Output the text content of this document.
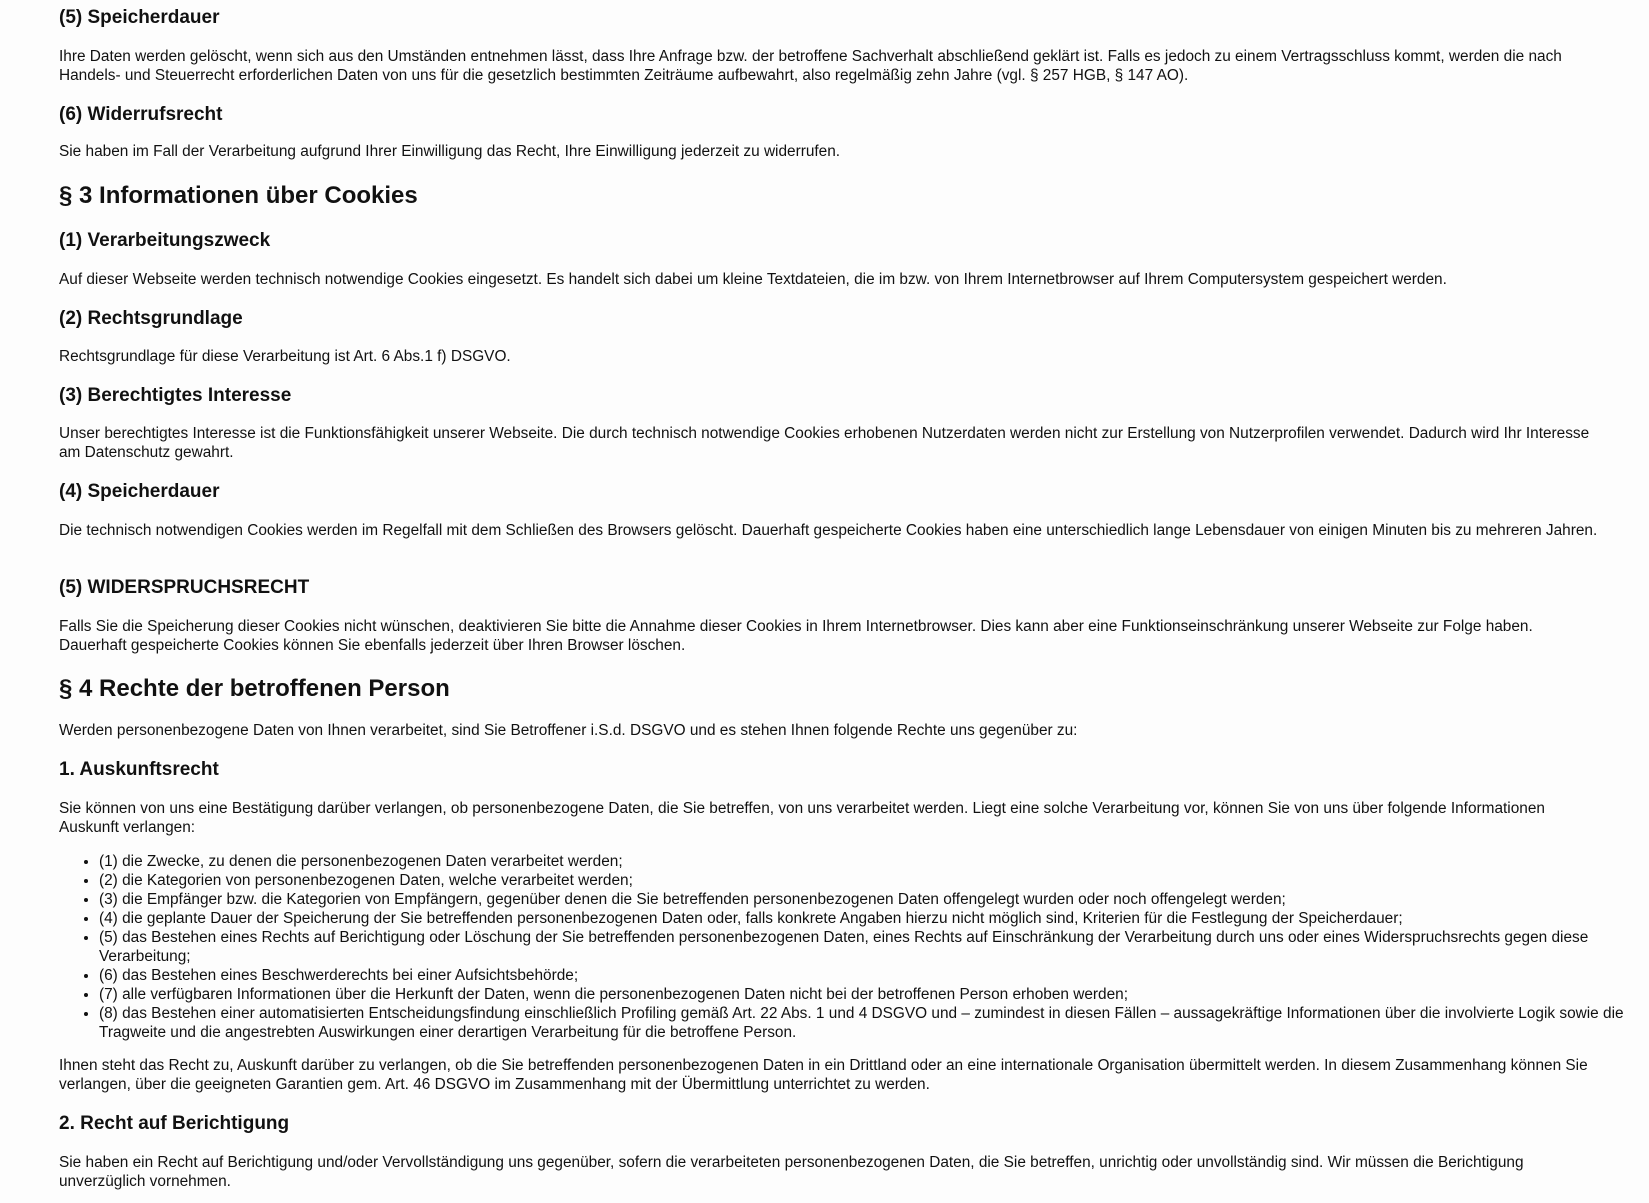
(5) Speicherdauer

Ihre Daten werden gelöscht, wenn sich aus den Umständen entnehmen lässt, dass Ihre Anfrage bzw. der betroffene Sachverhalt abschließend geklärt ist. Falls es jedoch zu einem Vertragsschluss kommt, werden die nach Handels- und Steuerrecht erforderlichen Daten von uns für die gesetzlich bestimmten Zeiträume aufbewahrt, also regelmäßig zehn Jahre (vgl. § 257 HGB, § 147 AO).

(6) Widerrufsrecht

Sie haben im Fall der Verarbeitung aufgrund Ihrer Einwilligung das Recht, Ihre Einwilligung jederzeit zu widerrufen.

§ 3 Informationen über Cookies
(1) Verarbeitungszweck

Auf dieser Webseite werden technisch notwendige Cookies eingesetzt. Es handelt sich dabei um kleine Textdateien, die im bzw. von Ihrem Internetbrowser auf Ihrem Computersystem gespeichert werden.

(2) Rechtsgrundlage

Rechtsgrundlage für diese Verarbeitung ist Art. 6 Abs.1 f) DSGVO.

(3) Berechtigtes Interesse

Unser berechtigtes Interesse ist die Funktionsfähigkeit unserer Webseite. Die durch technisch notwendige Cookies erhobenen Nutzerdaten werden nicht zur Erstellung von Nutzerprofilen verwendet. Dadurch wird Ihr Interesse am Datenschutz gewahrt.

(4) Speicherdauer

Die technisch notwendigen Cookies werden im Regelfall mit dem Schließen des Browsers gelöscht. Dauerhaft gespeicherte Cookies haben eine unterschiedlich lange Lebensdauer von einigen Minuten bis zu mehreren Jahren.

(5) WIDERSPRUCHSRECHT

Falls Sie die Speicherung dieser Cookies nicht wünschen, deaktivieren Sie bitte die Annahme dieser Cookies in Ihrem Internetbrowser. Dies kann aber eine Funktionseinschränkung unserer Webseite zur Folge haben. Dauerhaft gespeicherte Cookies können Sie ebenfalls jederzeit über Ihren Browser löschen.

§ 4 Rechte der betroffenen Person

Werden personenbezogene Daten von Ihnen verarbeitet, sind Sie Betroffener i.S.d. DSGVO und es stehen Ihnen folgende Rechte uns gegenüber zu:

1. Auskunftsrecht

Sie können von uns eine Bestätigung darüber verlangen, ob personenbezogene Daten, die Sie betreffen, von uns verarbeitet werden. Liegt eine solche Verarbeitung vor, können Sie von uns über folgende Informationen Auskunft verlangen:

• (1) die Zwecke, zu denen die personenbezogenen Daten verarbeitet werden;
• (2) die Kategorien von personenbezogenen Daten, welche verarbeitet werden;
• (3) die Empfänger bzw. die Kategorien von Empfängern, gegenüber denen die Sie betreffenden personenbezogenen Daten offengelegt wurden oder noch offengelegt werden;
• (4) die geplante Dauer der Speicherung der Sie betreffenden personenbezogenen Daten oder, falls konkrete Angaben hierzu nicht möglich sind, Kriterien für die Festlegung der Speicherdauer;
• (5) das Bestehen eines Rechts auf Berichtigung oder Löschung der Sie betreffenden personenbezogenen Daten, eines Rechts auf Einschränkung der Verarbeitung durch uns oder eines Widerspruchsrechts gegen diese Verarbeitung;
• (6) das Bestehen eines Beschwerderechts bei einer Aufsichtsbehörde;
• (7) alle verfügbaren Informationen über die Herkunft der Daten, wenn die personenbezogenen Daten nicht bei der betroffenen Person erhoben werden;
• (8) das Bestehen einer automatisierten Entscheidungsfindung einschließlich Profiling gemäß Art. 22 Abs. 1 und 4 DSGVO und – zumindest in diesen Fällen – aussagekräftige Informationen über die involvierte Logik sowie die Tragweite und die angestrebten Auswirkungen einer derartigen Verarbeitung für die betroffene Person.

Ihnen steht das Recht zu, Auskunft darüber zu verlangen, ob die Sie betreffenden personenbezogenen Daten in ein Drittland oder an eine internationale Organisation übermittelt werden. In diesem Zusammenhang können Sie verlangen, über die geeigneten Garantien gem. Art. 46 DSGVO im Zusammenhang mit der Übermittlung unterrichtet zu werden.

2. Recht auf Berichtigung

Sie haben ein Recht auf Berichtigung und/oder Vervollständigung uns gegenüber, sofern die verarbeiteten personenbezogenen Daten, die Sie betreffen, unrichtig oder unvollständig sind. Wir müssen die Berichtigung unverzüglich vornehmen.
